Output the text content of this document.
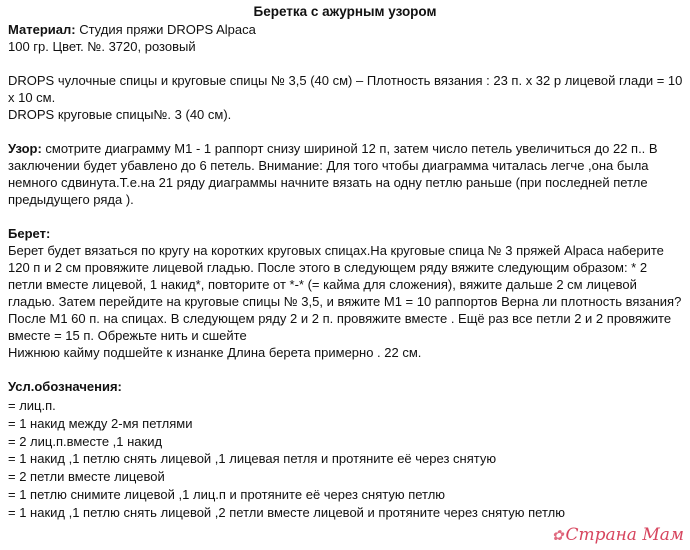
Беретка с ажурным узором

Материал: Студия пряжи DROPS Alpaca

100 гр. Цвет. №. 3720, розовый

DROPS чулочные спицы и круговые спицы № 3,5 (40 см) – Плотность вязания : 23 п. х 32 р лицевой глади = 10 х 10 см.

DROPS круговые спицы№. 3 (40 см).

Узор: смотрите диаграмму М1 - 1 раппорт снизу шириной 12 п, затем число петель увеличиться до 22 п.. В заключении будет убавлено до 6 петель. Внимание: Для того чтобы диаграмма читалась легче ,она была немного сдвинута.Т.е.на 21 ряду диаграммы начните вязать на одну петлю раньше (при последней петле предыдущего ряда ).

Берет:

Берет будет вязаться по кругу на коротких круговых спицах.На круговые спица № 3 пряжей Alpaca наберите 120 п и 2 см провяжите лицевой гладью. После этого в следующем ряду вяжите следующим образом: * 2 петли вместе лицевой, 1 накид*, повторите от *-* (= кайма для сложения), вяжите дальше 2 см лицевой гладью. Затем перейдите на круговые спицы № 3,5, и вяжите М1 = 10 раппортов Верна ли плотность вязания? После М1 60 п. на спицах. В следующем ряду 2 и 2 п. провяжите вместе . Ещё раз все петли 2 и 2 провяжите вместе = 15 п. Обрежьте нить и сшейте

Нижнюю кайму подшейте к изнанке Длина берета примерно . 22 см.

Усл.обозначения:

= лиц.п.

= 1 накид между 2-мя петлями

= 2 лиц.п.вместе ,1 накид

= 1 накид ,1 петлю снять лицевой ,1 лицевая петля и протяните её через снятую

= 2 петли вместе лицевой

= 1 петлю снимите лицевой ,1 лиц.п и протяните её через снятую петлю

= 1 накид ,1 петлю снять лицевой ,2 петли вместе лицевой и протяните через снятую петлю

✿ Страна Мам
